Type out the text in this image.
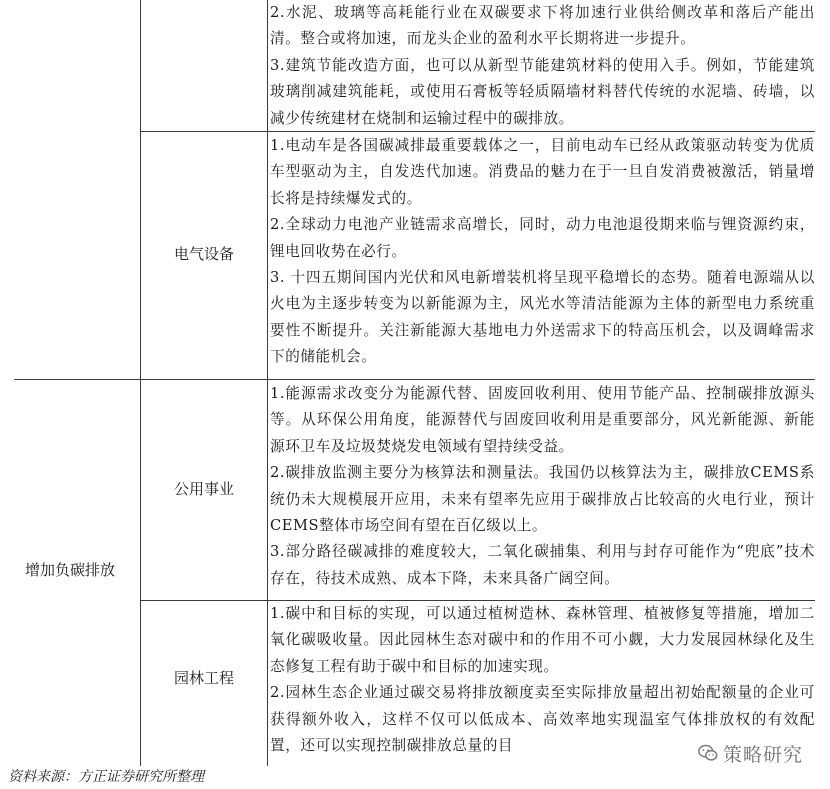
2.水泥、玻璃等高耗能行业在双碳要求下将加速行业供给侧改革和落后产能出清。整合或将加速，而龙头企业的盈利水平长期将进一步提升。

3.建筑节能改造方面，也可以从新型节能建筑材料的使用入手。例如，节能建筑玻璃削减建筑能耗，或使用石膏板等轻质隔墙材料替代传统的水泥墙、砖墙，以减少传统建材在烧制和运输过程中的碳排放。

电气设备

1.电动车是各国碳减排最重要载体之一，目前电动车已经从政策驱动转变为优质车型驱动为主，自发迭代加速。消费品的魅力在于一旦自发消费被激活，销量增长将是持续爆发式的。

2.全球动力电池产业链需求高增长，同时，动力电池退役期来临与锂资源约束，锂电回收势在必行。

3. 十四五期间国内光伏和风电新增装机将呈现平稳增长的态势。随着电源端从以火电为主逐步转变为以新能源为主，风光水等清洁能源为主体的新型电力系统重要性不断提升。关注新能源大基地电力外送需求下的特高压机会，以及调峰需求下的储能机会。

增加负碳排放
公用事业

1.能源需求改变分为能源代替、固废回收利用、使用节能产品、控制碳排放源头等。从环保公用角度，能源替代与固废回收利用是重要部分，风光新能源、新能源环卫车及垃圾焚烧发电领域有望持续受益。

2.碳排放监测主要分为核算法和测量法。我国仍以核算法为主，碳排放CEMS系统仍未大规模展开应用，未来有望率先应用于碳排放占比较高的火电行业，预计CEMS整体市场空间有望在百亿级以上。

3.部分路径碳减排的难度较大，二氧化碳捕集、利用与封存可能作为“兜底”技术存在，待技术成熟、成本下降，未来具备广阔空间。

园林工程

1.碳中和目标的实现，可以通过植树造林、森林管理、植被修复等措施，增加二氧化碳吸收量。因此园林生态对碳中和的作用不可小觑，大力发展园林绿化及生态修复工程有助于碳中和目标的加速实现。

2.园林生态企业通过碳交易将排放额度卖至实际排放量超出初始配额量的企业可获得额外收入，这样不仅可以低成本、高效率地实现温室气体排放权的有效配置，还可以实现控制碳排放总量的目	策略研究
资料来源：方正证券研究所整理
